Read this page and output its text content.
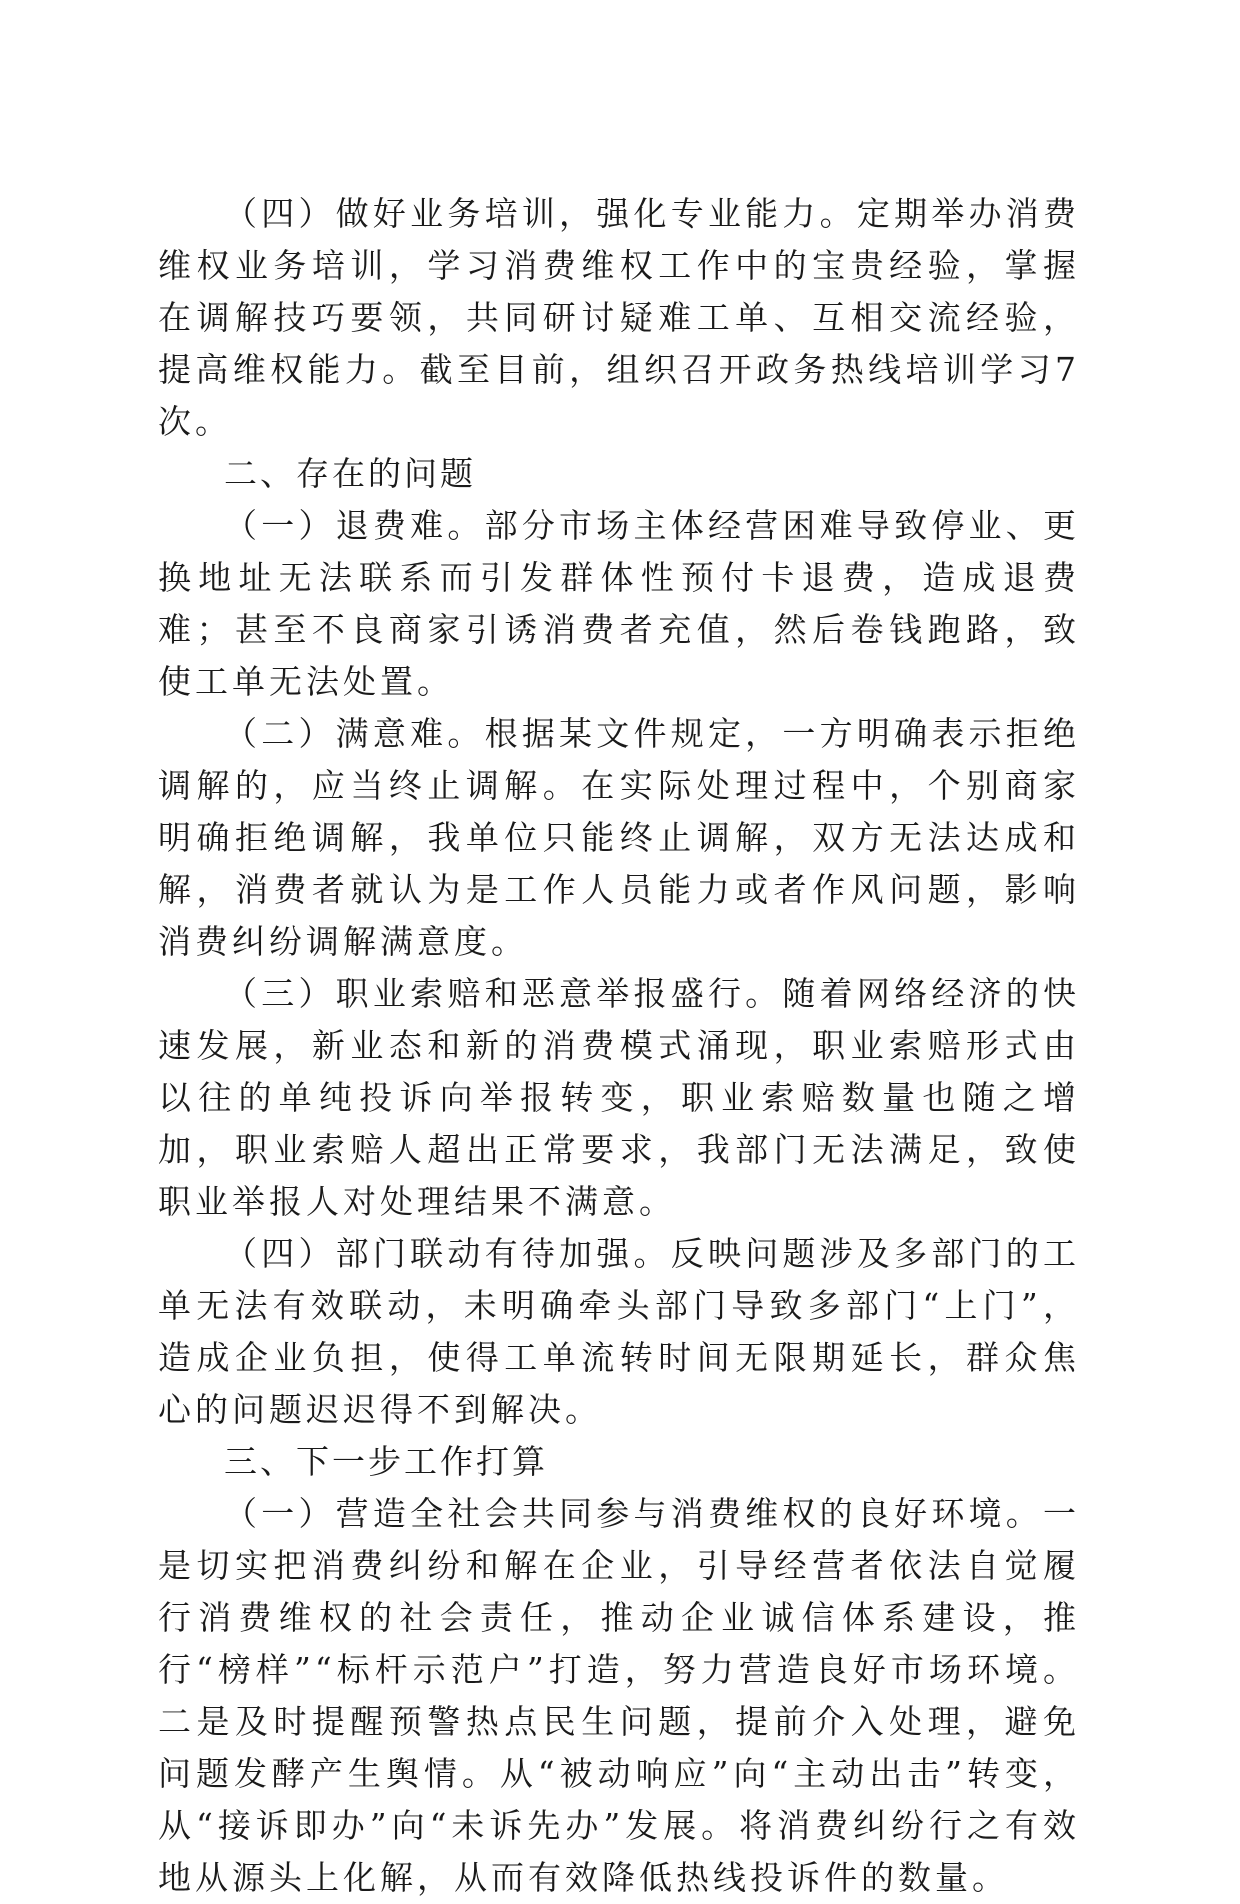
（四）做好业务培训，强化专业能力。定期举办消费维权业务培训，学习消费维权工作中的宝贵经验，掌握在调解技巧要领，共同研讨疑难工单、互相交流经验，提高维权能力。截至目前，组织召开政务热线培训学习7次。

二、存在的问题

（一）退费难。部分市场主体经营困难导致停业、更换地址无法联系而引发群体性预付卡退费，造成退费难；甚至不良商家引诱消费者充值，然后卷钱跑路，致使工单无法处置。

（二）满意难。根据某文件规定，一方明确表示拒绝调解的，应当终止调解。在实际处理过程中，个别商家明确拒绝调解，我单位只能终止调解，双方无法达成和解，消费者就认为是工作人员能力或者作风问题，影响消费纠纷调解满意度。

（三）职业索赔和恶意举报盛行。随着网络经济的快速发展，新业态和新的消费模式涌现，职业索赔形式由以往的单纯投诉向举报转变，职业索赔数量也随之增加，职业索赔人超出正常要求，我部门无法满足，致使职业举报人对处理结果不满意。

（四）部门联动有待加强。反映问题涉及多部门的工单无法有效联动，未明确牵头部门导致多部门“上门”，造成企业负担，使得工单流转时间无限期延长，群众焦心的问题迟迟得不到解决。

三、下一步工作打算

（一）营造全社会共同参与消费维权的良好环境。一是切实把消费纠纷和解在企业，引导经营者依法自觉履行消费维权的社会责任，推动企业诚信体系建设，推行“榜样”“标杆示范户”打造，努力营造良好市场环境。二是及时提醒预警热点民生问题，提前介入处理，避免问题发酵产生舆情。从“被动响应”向“主动出击”转变，从“接诉即办”向“未诉先办”发展。将消费纠纷行之有效地从源头上化解，从而有效降低热线投诉件的数量。
